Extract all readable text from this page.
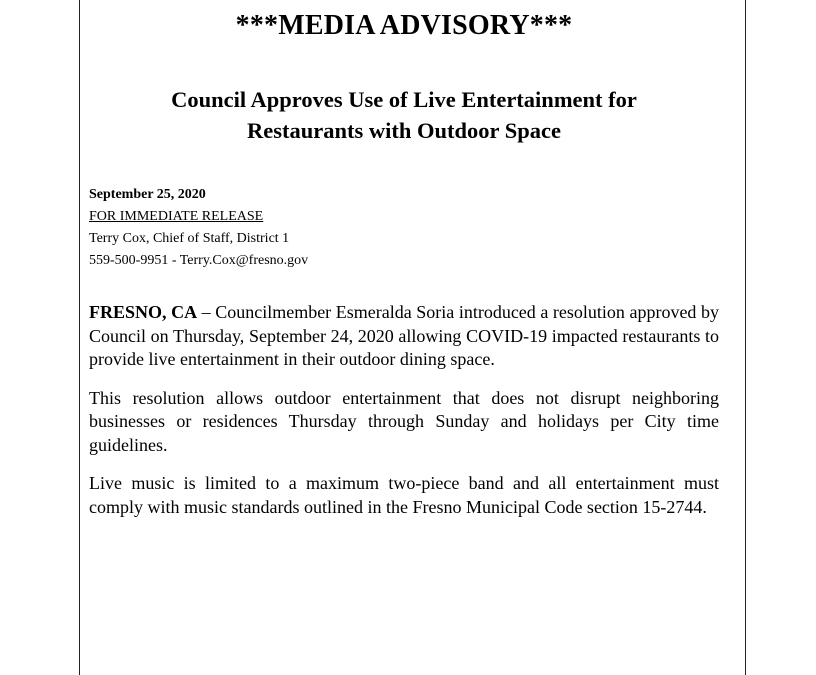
***MEDIA ADVISORY***
Council Approves Use of Live Entertainment for
Restaurants with Outdoor Space
September 25, 2020
FOR IMMEDIATE RELEASE
Terry Cox, Chief of Staff, District 1
559-500-9951 - Terry.Cox@fresno.gov

FRESNO, CA – Councilmember Esmeralda Soria introduced a resolution approved by Council on Thursday, September 24, 2020 allowing COVID-19 impacted restaurants to provide live entertainment in their outdoor dining space.

This resolution allows outdoor entertainment that does not disrupt neighboring businesses or residences Thursday through Sunday and holidays per City time guidelines.

Live music is limited to a maximum two-piece band and all entertainment must comply with music standards outlined in the Fresno Municipal Code section 15-2744.
